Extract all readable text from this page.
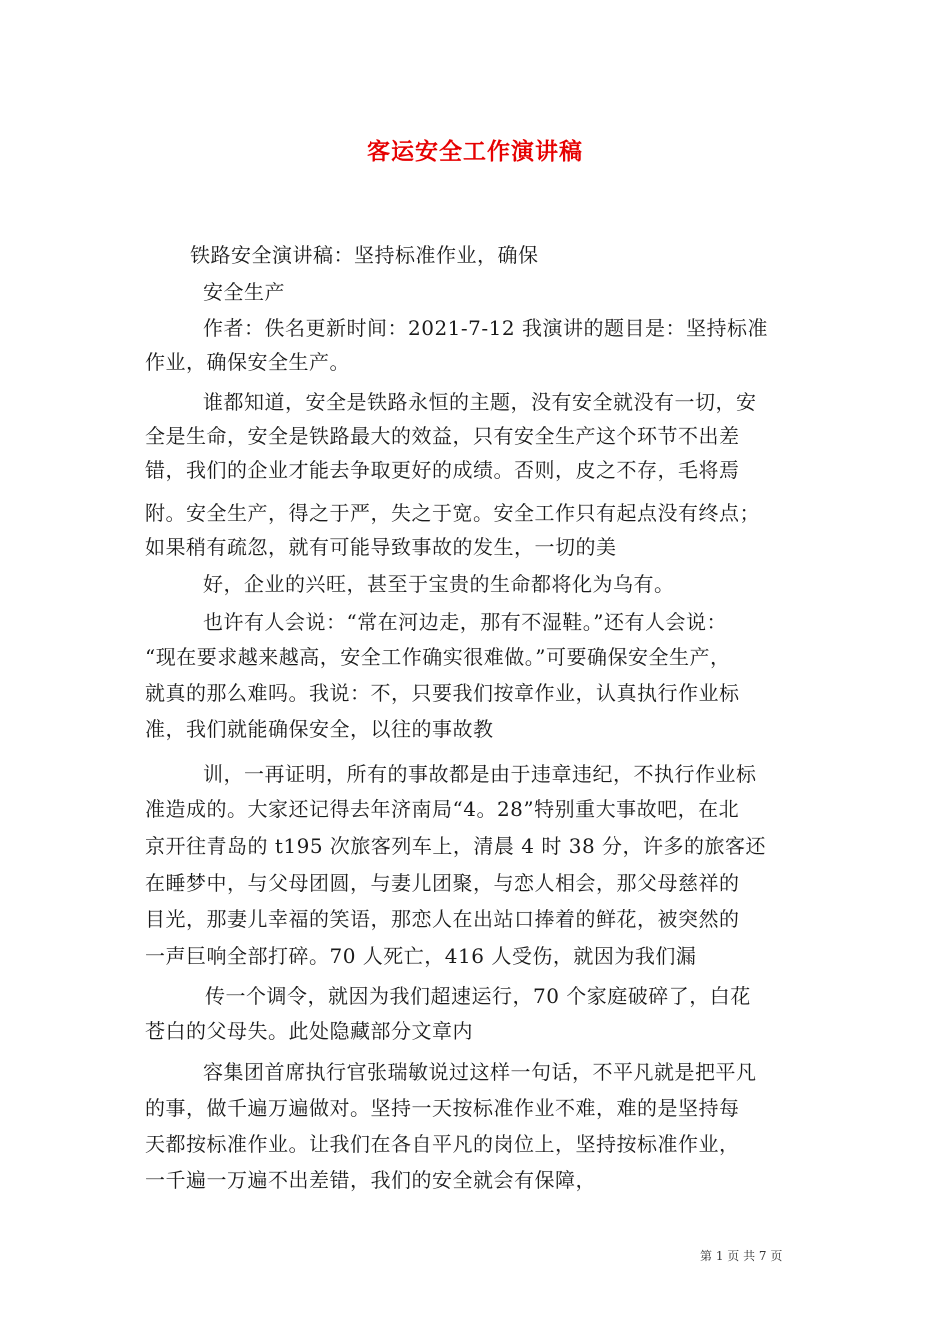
客运安全工作演讲稿
铁路安全演讲稿：坚持标准作业，确保
安全生产
作者：佚名更新时间：2021-7-12 我演讲的题目是：坚持标准
作业，确保安全生产。
谁都知道，安全是铁路永恒的主题，没有安全就没有一切，安
全是生命，安全是铁路最大的效益，只有安全生产这个环节不出差
错，我们的企业才能去争取更好的成绩。否则，皮之不存，毛将焉
附。安全生产，得之于严，失之于宽。安全工作只有起点没有终点；
如果稍有疏忽，就有可能导致事故的发生，一切的美
好，企业的兴旺，甚至于宝贵的生命都将化为乌有。
也许有人会说：“常在河边走，那有不湿鞋。”还有人会说：
“现在要求越来越高，安全工作确实很难做。”可要确保安全生产，
就真的那么难吗。我说：不，只要我们按章作业，认真执行作业标
准，我们就能确保安全，以往的事故教
训，一再证明，所有的事故都是由于违章违纪，不执行作业标
准造成的。大家还记得去年济南局“4。28”特别重大事故吧，在北
京开往青岛的 t195 次旅客列车上，清晨 4 时 38 分，许多的旅客还
在睡梦中，与父母团圆，与妻儿团聚，与恋人相会，那父母慈祥的
目光，那妻儿幸福的笑语，那恋人在出站口捧着的鲜花，被突然的
一声巨响全部打碎。70 人死亡，416 人受伤，就因为我们漏
传一个调令，就因为我们超速运行，70 个家庭破碎了，白花
苍白的父母失。此处隐藏部分文章内
容集团首席执行官张瑞敏说过这样一句话，不平凡就是把平凡
的事，做千遍万遍做对。坚持一天按标准作业不难，难的是坚持每
天都按标准作业。让我们在各自平凡的岗位上，坚持按标准作业，
一千遍一万遍不出差错，我们的安全就会有保障，
第 1 页 共 7 页
